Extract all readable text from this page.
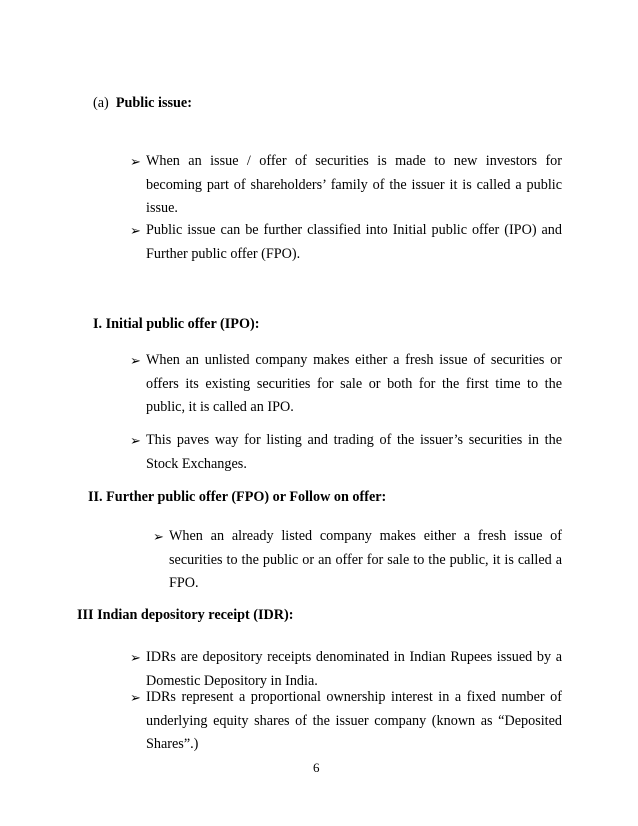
(a) Public issue:
➢ When an issue / offer of securities is made to new investors for becoming part of shareholders’ family of the issuer it is called a public issue.
➢ Public issue can be further classified into Initial public offer (IPO) and Further public offer (FPO).
I. Initial public offer (IPO):
➢ When an unlisted company makes either a fresh issue of securities or offers its existing securities for sale or both for the first time to the public, it is called an IPO.
➢ This paves way for listing and trading of the issuer’s securities in the Stock Exchanges.
II. Further public offer (FPO) or Follow on offer:
➢ When an already listed company makes either a fresh issue of securities to the public or an offer for sale to the public, it is called a FPO.
III Indian depository receipt (IDR):
➢ IDRs are depository receipts denominated in Indian Rupees issued by a Domestic Depository in India.
➢ IDRs represent a proportional ownership interest in a fixed number of underlying equity shares of the issuer company (known as “Deposited Shares”.)
6
